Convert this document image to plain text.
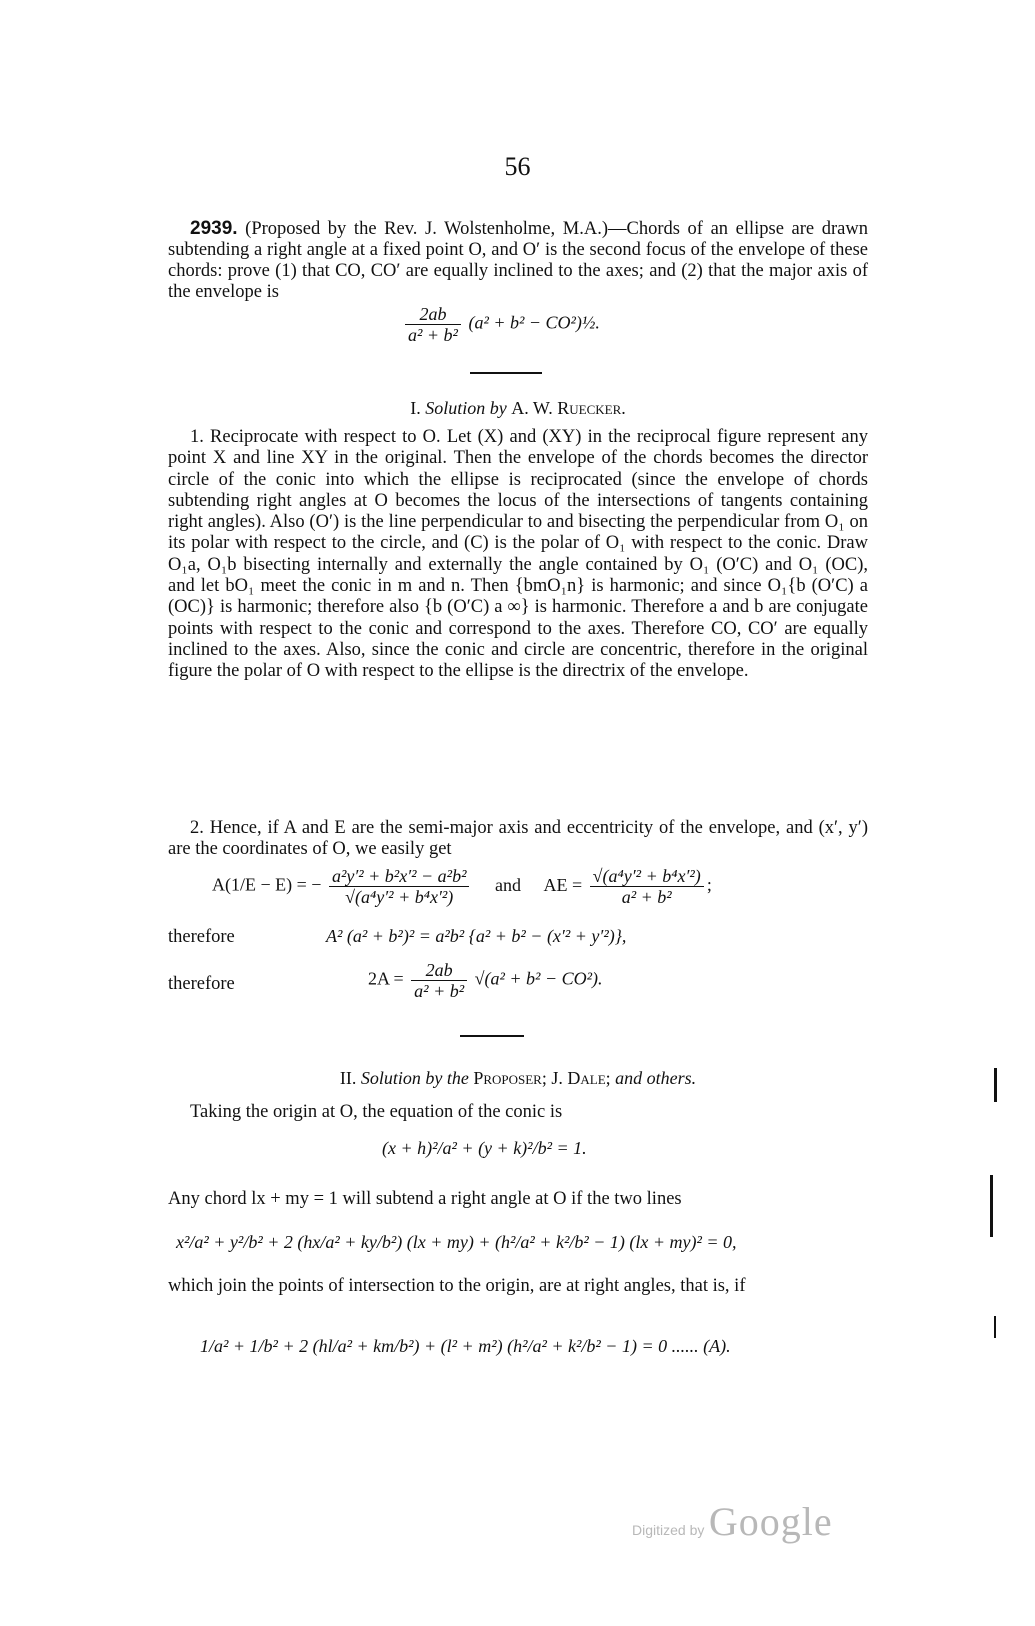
56
2939. (Proposed by the Rev. J. Wolstenholme, M.A.)—Chords of an ellipse are drawn subtending a right angle at a fixed point O, and O′ is the second focus of the envelope of these chords: prove (1) that CO, CO′ are equally inclined to the axes; and (2) that the major axis of the envelope is
$\frac{2ab}{\text{a² + b²}} (a^2 + b^2$ − CO²)½.
I. Solution by A. W. Ruecker.
1. Reciprocate with respect to O. Let (X) and (XY) in the reciprocal figure represent any point X and line XY in the original. Then the envelope of the chords becomes the director circle of the conic into which the ellipse is reciprocated (since the envelope of chords subtending right angles at O becomes the locus of the intersections of tangents containing right angles). Also (O′) is the line perpendicular to and bisecting the perpendicular from O₁ on its polar with respect to the circle, and (C) is the polar of O₁ with respect to the conic. Draw O₁a, O₁b bisecting internally and externally the angle contained by O₁ (O′C) and O₁ (OC), and let bO₁ meet the conic in m and n. Then {bmO₁n} is harmonic; and since O₁{b (O′C) a (OC)} is harmonic; therefore also {b (O′C) a ∞} is harmonic. Therefore a and b are conjugate points with respect to the conic and correspond to the axes. Therefore CO, CO′ are equally inclined to the axes. Also, since the conic and circle are concentric, therefore in the original figure the polar of O with respect to the ellipse is the directrix of the envelope.
2. Hence, if A and E are the semi-major axis and eccentricity of the envelope, and (x′, y′) are the coordinates of O, we easily get
A(1/E − E) = − $\frac{\text{a²y′² + b²x′² − a²b²}}{\text{√(a⁴y′² + b⁴x′²)}}$ and AE = $\frac{\text{√(a⁴y′² + b⁴x′²)}}{\text{a² + b²}}$ ;
therefore	A² (a² + b²)² = a²b² {a² + b² − (x′² + y′²)},
therefore	$2A = \frac{2ab}{\text{a² + b²}} √(a^2 + b^2 - CO^2)$.
II. Solution by the Proposer; J. Dale; and others.
Taking the origin at O, the equation of the conic is
(x + h)²/a² + (y + k)²/b² = 1.
Any chord lx + my = 1 will subtend a right angle at O if the two lines
x²/a² + y²/b² + 2 (hx/a² + ky/b²) (lx + my) + (h²/a² + k²/b² − 1) (lx + my)² = 0,
which join the points of intersection to the origin, are at right angles, that is, if
1/a² + 1/b² + 2 (hl/a² + km/b²) + (l² + m²) (h²/a² + k²/b² − 1) = 0 ...... (A).
Digitized by Google
